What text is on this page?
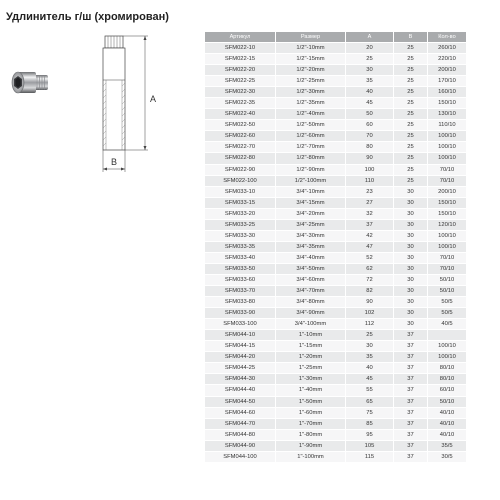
Удлинитель г/ш (хромирован)
A
B
Артикул	Размер	A	B	Кол-во
SFM022-10	1/2"-10mm	20	25	260/10
SFM022-15	1/2"-15mm	25	25	220/10
SFM022-20	1/2"-20mm	30	25	200/10
SFM022-25	1/2"-25mm	35	25	170/10
SFM022-30	1/2"-30mm	40	25	160/10
SFM022-35	1/2"-35mm	45	25	150/10
SFM022-40	1/2"-40mm	50	25	130/10
SFM022-50	1/2"-50mm	60	25	110/10
SFM022-60	1/2"-60mm	70	25	100/10
SFM022-70	1/2"-70mm	80	25	100/10
SFM022-80	1/2"-80mm	90	25	100/10
SFM022-90	1/2"-90mm	100	25	70/10
SFM022-100	1/2"-100mm	110	25	70/10
SFM033-10	3/4"-10mm	23	30	200/10
SFM033-15	3/4"-15mm	27	30	150/10
SFM033-20	3/4"-20mm	32	30	150/10
SFM033-25	3/4"-25mm	37	30	120/10
SFM033-30	3/4"-30mm	42	30	100/10
SFM033-35	3/4"-35mm	47	30	100/10
SFM033-40	3/4"-40mm	52	30	70/10
SFM033-50	3/4"-50mm	62	30	70/10
SFM033-60	3/4"-60mm	72	30	50/10
SFM033-70	3/4"-70mm	82	30	50/10
SFM033-80	3/4"-80mm	90	30	50/5
SFM033-90	3/4"-90mm	102	30	50/5
SFM033-100	3/4"-100mm	112	30	40/5
SFM044-10	1"-10mm	25	37	
SFM044-15	1"-15mm	30	37	100/10
SFM044-20	1"-20mm	35	37	100/10
SFM044-25	1"-25mm	40	37	80/10
SFM044-30	1"-30mm	45	37	80/10
SFM044-40	1"-40mm	55	37	60/10
SFM044-50	1"-50mm	65	37	50/10
SFM044-60	1"-60mm	75	37	40/10
SFM044-70	1"-70mm	85	37	40/10
SFM044-80	1"-80mm	95	37	40/10
SFM044-90	1"-90mm	105	37	35/5
SFM044-100	1"-100mm	115	37	30/5
